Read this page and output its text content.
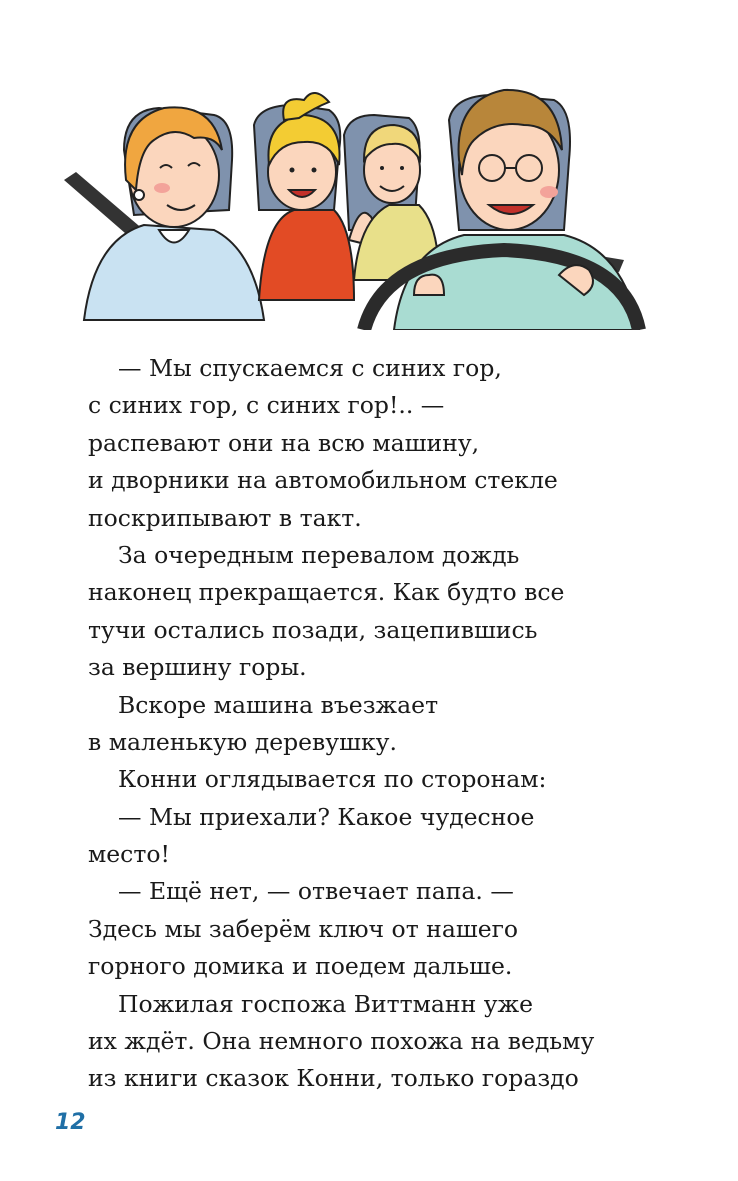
— Мы спускаемся с синих гор,
с синих гор, с синих гор!.. —
распевают они на всю машину,
и дворники на автомобильном стекле
поскрипывают в такт.
За очередным перевалом дождь
наконец прекращается. Как будто все
тучи остались позади, зацепившись
за вершину горы.
Вскоре машина въезжает
в маленькую деревушку.
Конни оглядывается по сторонам:
— Мы приехали? Какое чудесное
место!
— Ещё нет, — отвечает папа. —
Здесь мы заберём ключ от нашего
горного домика и поедем дальше.
Пожилая госпожа Виттманн уже
их ждёт. Она немного похожа на ведьму
из книги сказок Конни, только гораздо
12
